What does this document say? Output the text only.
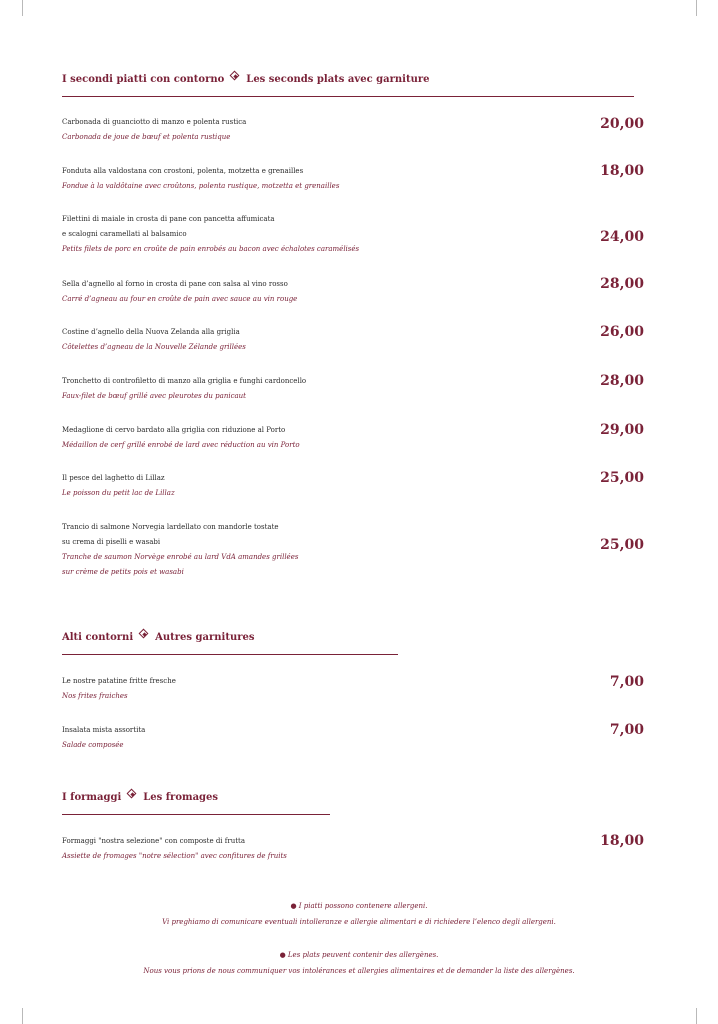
I secondi piatti con contorno Les seconds plats avec garniture
Carbonada di guanciotto di manzo e polenta rustica
Carbonada de joue de bœuf et polenta rustique
20,00
Fonduta alla valdostana con crostoni, polenta, motzetta e grenailles
Fondue à la valdôtaine avec croûtons, polenta rustique, motzetta et grenailles
18,00
Filettini di maiale in crosta di pane con pancetta affumicata
e scalogni caramellati al balsamico
Petits filets de porc en croûte de pain enrobés au bacon avec échalotes caramélisés
24,00
Sella d’agnello al forno in crosta di pane con salsa al vino rosso
Carré d’agneau au four en croûte de pain avec sauce au vin rouge
28,00
Costine d’agnello della Nuova Zelanda alla griglia
Côtelettes d’agneau de la Nouvelle Zélande grillées
26,00
Tronchetto di controfiletto di manzo alla griglia e funghi cardoncello
Faux-filet de bœuf grillé avec pleurotes du panicaut
28,00
Medaglione di cervo bardato alla griglia con riduzione al Porto
Médaillon de cerf grillé enrobé de lard avec réduction au vin Porto
29,00
Il pesce del laghetto di Lillaz
Le poisson du petit lac de Lillaz
25,00
Trancio di salmone Norvegia lardellato con mandorle tostate
su crema di piselli e wasabi
Tranche de saumon Norvège enrobé au lard VdA amandes grillées
sur crème de petits pois et wasabi
25,00
Alti contorni Autres garnitures
Le nostre patatine fritte fresche
Nos frites fraiches
7,00
Insalata mista assortita
Salade composée
7,00
I formaggi Les fromages
Formaggi "nostra selezione" con composte di frutta
Assiette de fromages "notre sélection" avec confitures de fruits
18,00
● I piatti possono contenere allergeni.
Vi preghiamo di comunicare eventuali intolleranze e allergie alimentari e di richiedere l’elenco degli allergeni.
● Les plats peuvent contenir des allergènes.
Nous vous prions de nous communiquer vos intolérances et allergies alimentaires et de demander la liste des allergènes.
